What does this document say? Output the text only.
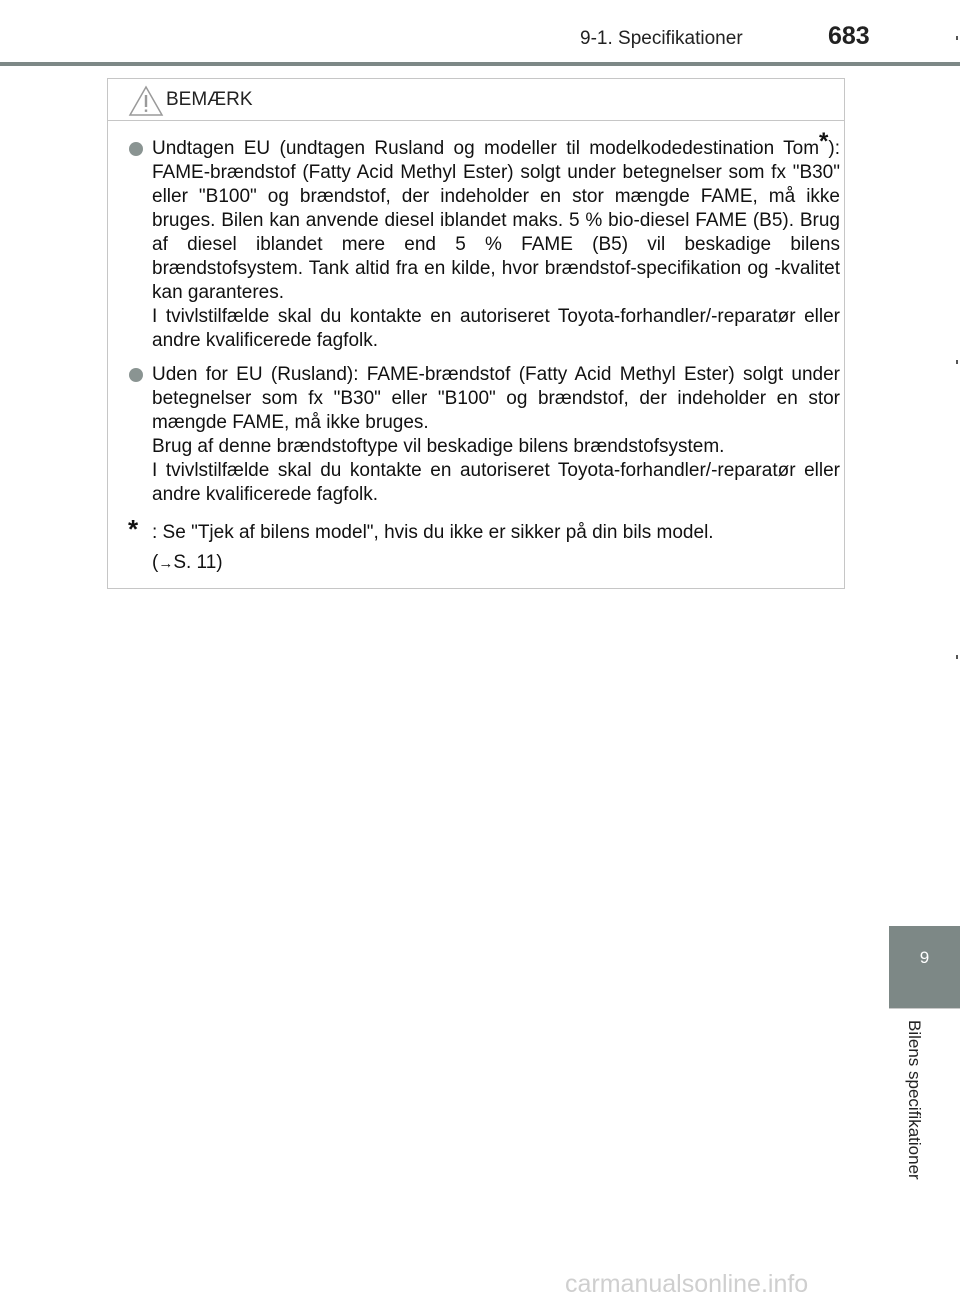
9-1. Specifikationer	683
BEMÆRK
Undtagen EU (undtagen Rusland og modeller til modelkodedestination Tom*): FAME-brændstof (Fatty Acid Methyl Ester) solgt under betegnelser som fx "B30" eller "B100" og brændstof, der indeholder en stor mængde FAME, må ikke bruges. Bilen kan anvende diesel iblandet maks. 5 % bio-diesel FAME (B5). Brug af diesel iblandet mere end 5 % FAME (B5) vil beskadige bilens brændstofsystem. Tank altid fra en kilde, hvor brændstof-specifikation og -kvalitet kan garanteres.
I tvivlstilfælde skal du kontakte en autoriseret Toyota-forhandler/-reparatør eller andre kvalificerede fagfolk.
Uden for EU (Rusland): FAME-brændstof (Fatty Acid Methyl Ester) solgt under betegnelser som fx "B30" eller "B100" og brændstof, der indeholder en stor mængde FAME, må ikke bruges.
Brug af denne brændstoftype vil beskadige bilens brændstofsystem.
I tvivlstilfælde skal du kontakte en autoriseret Toyota-forhandler/-reparatør eller andre kvalificerede fagfolk.
* : Se "Tjek af bilens model", hvis du ikke er sikker på din bils model.
(→S. 11)
9
Bilens specifikationer
carmanualsonline.info
